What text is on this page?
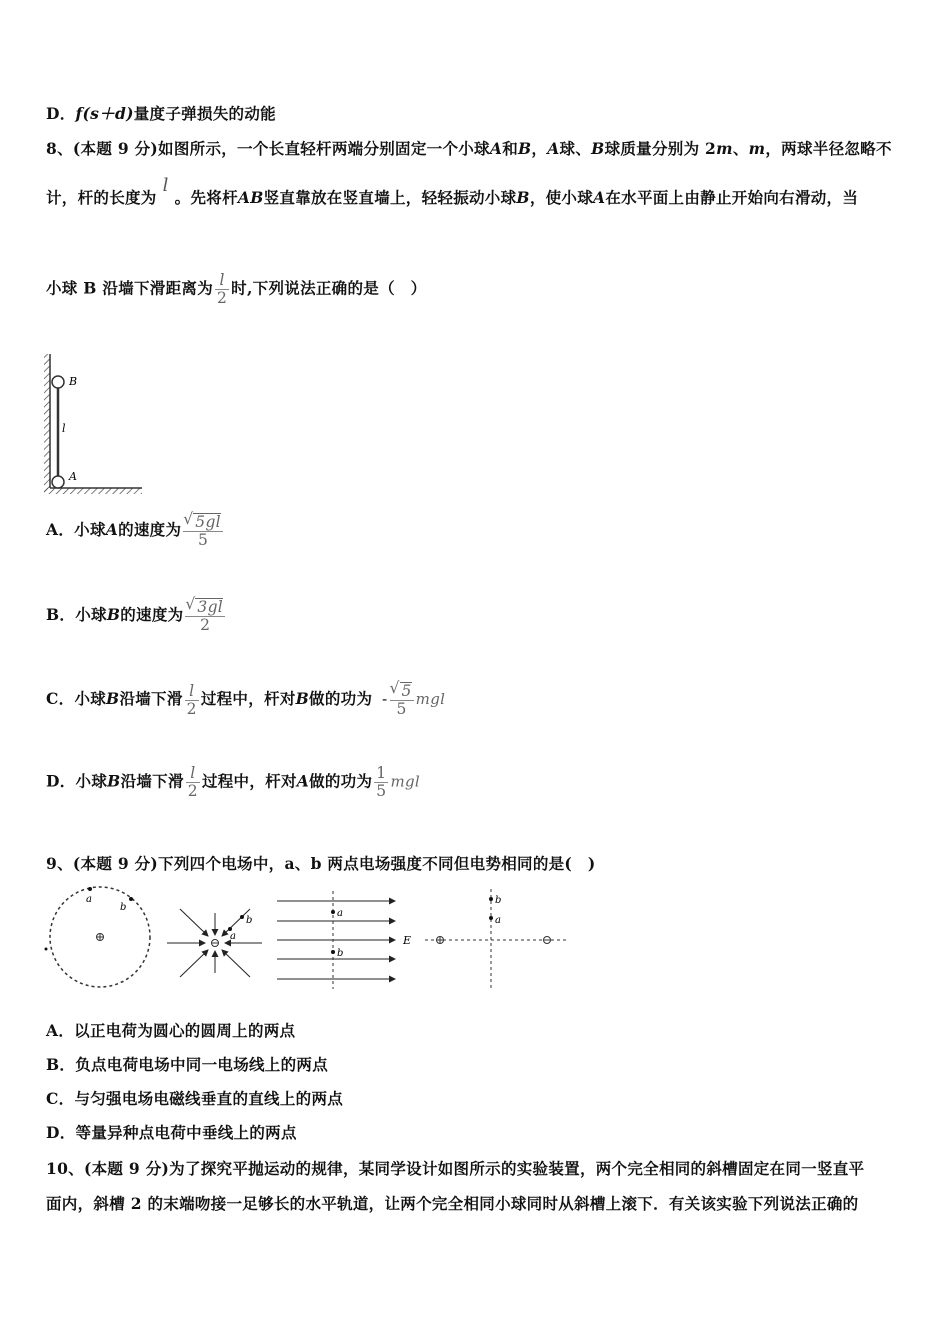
D．f(s＋d)量度子弹损失的动能
8、(本题 9 分)如图所示，一个长直轻杆两端分别固定一个小球A和B，A球、B球质量分别为 2m、m，两球半径忽略不
计，杆的长度为l。先将杆AB竖直靠放在竖直墙上，轻轻振动小球B，使小球A在水平面上由静止开始向右滑动，当
小球 B 沿墙下滑距离为 $\frac{l}{2}$ 时,下列说法正确的是（　）
B
A
l
A．小球A的速度为 √ $\frac{5gl}{5}$
B．小球B的速度为 √ $\frac{3gl}{2}$
C．小球B沿墙下滑 $\frac{l}{2}$ 过程中，杆对B做的功为 - √ $\frac{5}{5}$ mgl
D．小球B沿墙下滑 $\frac{l}{2}$ 过程中，杆对A做的功为 $\frac{1}{5}$ mgl
9、(本题 9 分)下列四个电场中，a、b 两点电场强度不同但电势相同的是(　)
a
b
b
a
a
b
E
b
a
A．以正电荷为圆心的圆周上的两点
B．负点电荷电场中同一电场线上的两点
C．与匀强电场电磁线垂直的直线上的两点
D．等量异种点电荷中垂线上的两点
10、(本题 9 分)为了探究平抛运动的规律，某同学设计如图所示的实验装置，两个完全相同的斜槽固定在同一竖直平
面内，斜槽 2 的末端吻接一足够长的水平轨道，让两个完全相同小球同时从斜槽上滚下．有关该实验下列说法正确的
